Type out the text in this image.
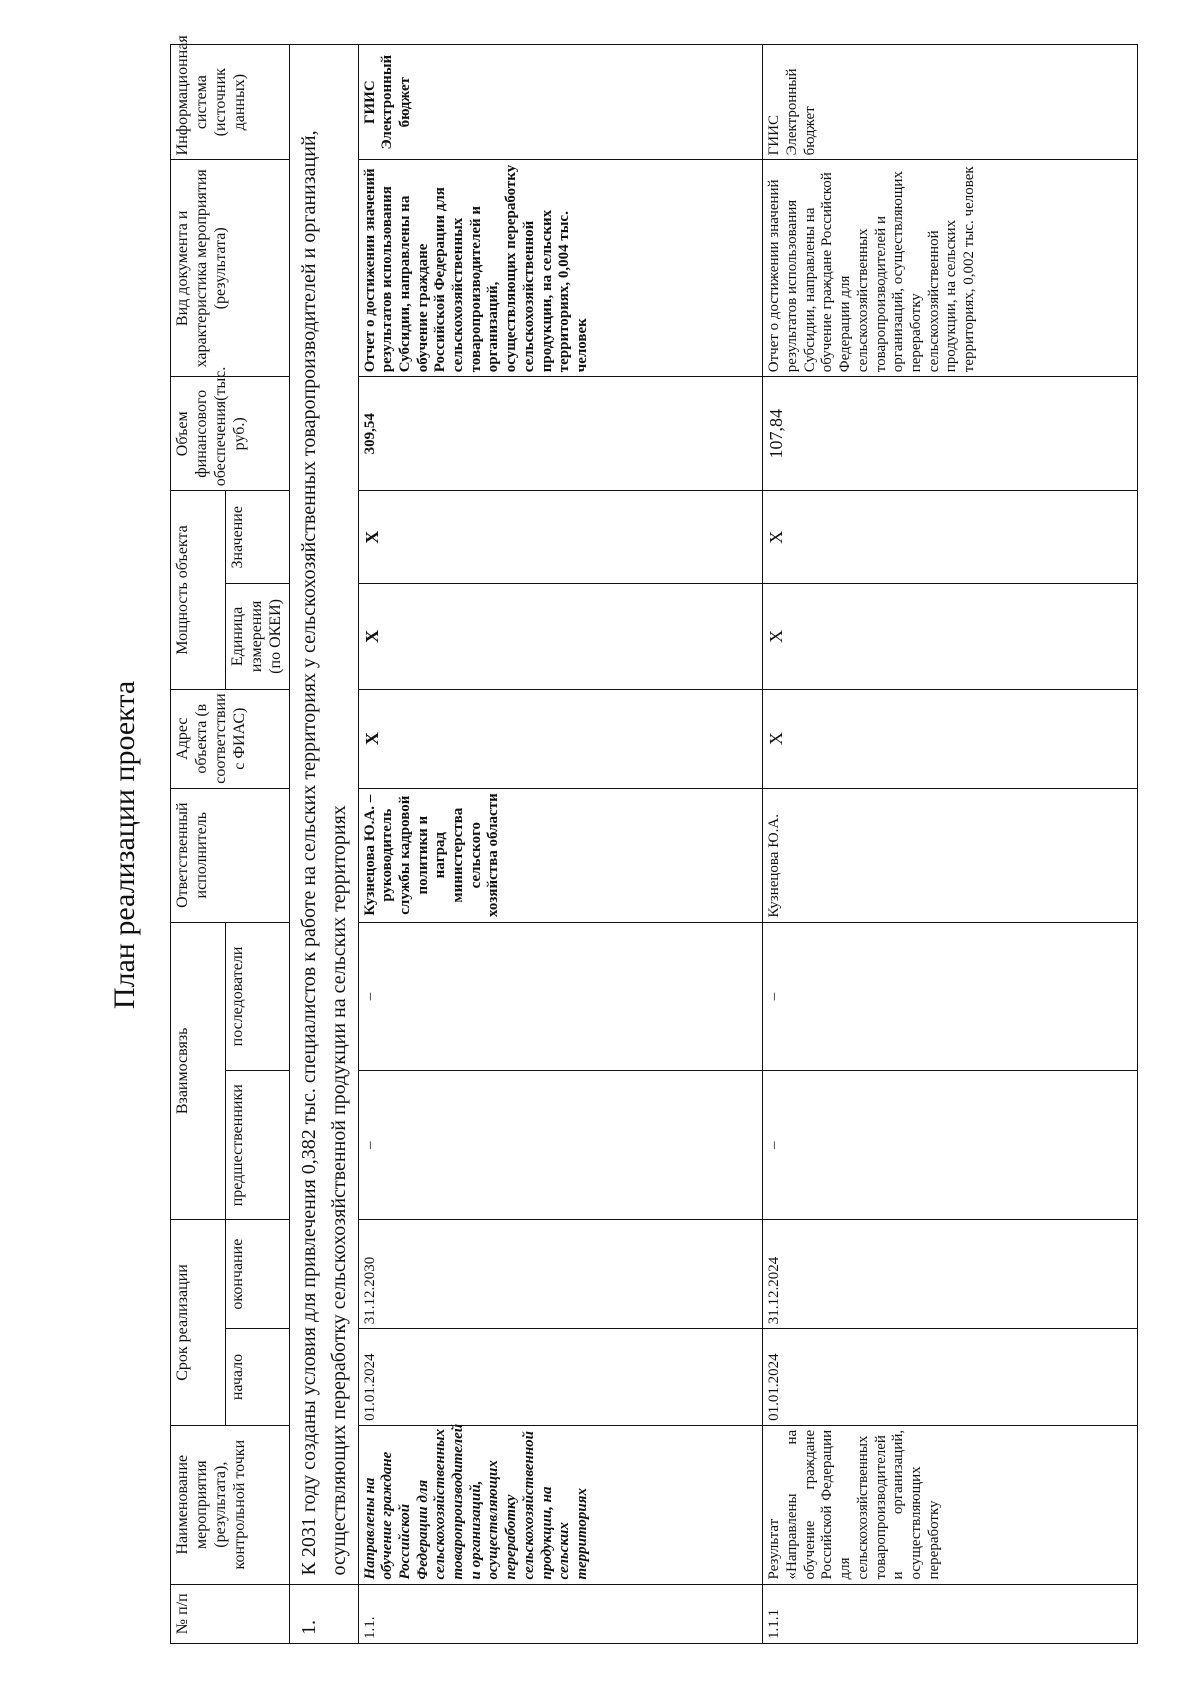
План реализации проекта
№ п/п	Наименование мероприятия (результата), контрольной точки	Срок реализации		Взаимосвязь		Ответственный исполнитель	Адрес объекта (в соответствии с ФИАС)	Мощность объекта		Объем финансового обеспечения(тыс. руб.)	Вид документа и характеристика мероприятия (результата)	Информационная система (источник данных)
		начало	окончание	предшественники	последователи			Единица измерения (по ОКЕИ)	Значение			
1.	К 2031 году созданы условия для привлечения 0,382 тыс. специалистов к работе на сельских территориях у сельскохозяйственных товаропроизводителей и организаций, осуществляющих переработку сельскохозяйственной продукции на сельских территориях											
1.1.	Направлены на обучение граждане Российской Федерации для сельскохозяйственных товаропроизводителей и организаций, осуществляющих переработку сельскохозяйственной продукции, на сельских территориях	01.01.2024	31.12.2030	–	–	Кузнецова Ю.А. – руководитель службы кадровой политики и наград министерства сельского хозяйства области	Х	Х	Х	309,54	Отчет о достижении значений результатов использования Субсидии, направлены на обучение граждане Российской Федерации для сельскохозяйственных товаропроизводителей и организаций, осуществляющих переработку сельскохозяйственной продукции, на сельских территориях, 0,004 тыс. человек	ГИИС Электронный бюджет
1.1.1	Результат «Направлены на обучение граждане Российской Федерации для сельскохозяйственных товаропроизводителей и организаций, осуществляющих переработку	01.01.2024	31.12.2024	–	–	Кузнецова Ю.А.	Х	Х	Х	107,84	Отчет о достижении значений результатов использования Субсидии, направлены на обучение граждане Российской Федерации для сельскохозяйственных товаропроизводителей и организаций, осуществляющих переработку сельскохозяйственной продукции, на сельских территориях, 0,002 тыс. человек	ГИИС Электронный бюджет
